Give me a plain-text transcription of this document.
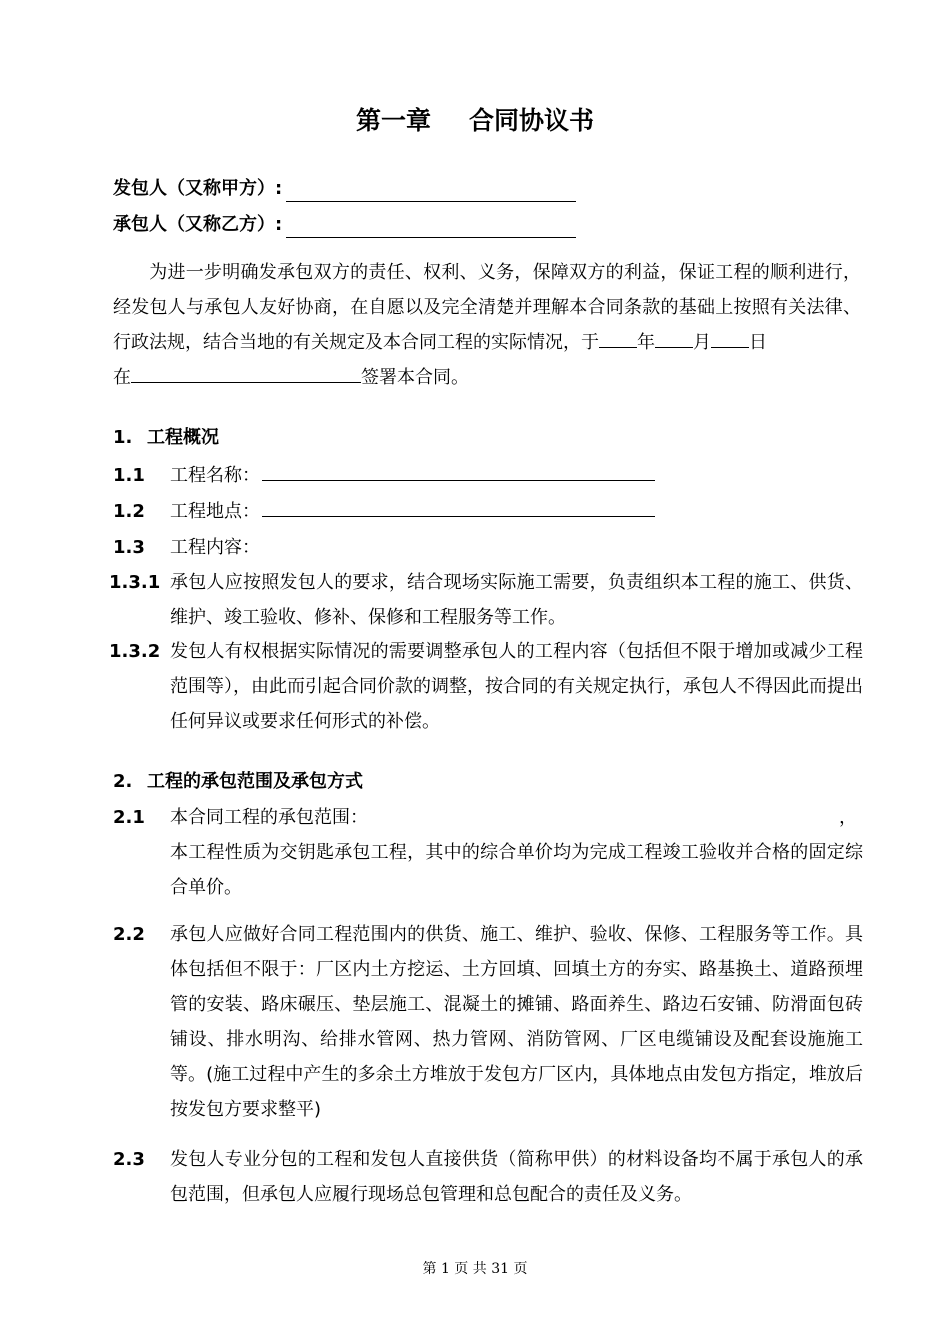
第一章 合同协议书
发包人（又称甲方）:
承包人（又称乙方）:
为进一步明确发承包双方的责任、权利、义务，保障双方的利益，保证工程的顺利进行，经发包人与承包人友好协商，在自愿以及完全清楚并理解本合同条款的基础上按照有关法律、行政法规，结合当地的有关规定及本合同工程的实际情况，于 年 月 日
在	签署本合同。
1. 工程概况
1.1 工程名称：
1.2 工程地点：
1.3 工程内容：
1.3.1 承包人应按照发包人的要求，结合现场实际施工需要，负责组织本工程的施工、供货、维护、竣工验收、修补、保修和工程服务等工作。
1.3.2 发包人有权根据实际情况的需要调整承包人的工程内容（包括但不限于增加或减少工程范围等），由此而引起合同价款的调整，按合同的有关规定执行，承包人不得因此而提出任何异议或要求任何形式的补偿。
2. 工程的承包范围及承包方式
2.1 本合同工程的承包范围：	，
本工程性质为交钥匙承包工程，其中的综合单价均为完成工程竣工验收并合格的固定综合单价。
2.2 承包人应做好合同工程范围内的供货、施工、维护、验收、保修、工程服务等工作。具体包括但不限于：厂区内土方挖运、土方回填、回填土方的夯实、路基换土、道路预埋管的安装、路床碾压、垫层施工、混凝土的摊铺、路面养生、路边石安铺、防滑面包砖铺设、排水明沟、给排水管网、热力管网、消防管网、厂区电缆铺设及配套设施施工等。(施工过程中产生的多余土方堆放于发包方厂区内，具体地点由发包方指定，堆放后按发包方要求整平)
2.3 发包人专业分包的工程和发包人直接供货（简称甲供）的材料设备均不属于承包人的承包范围，但承包人应履行现场总包管理和总包配合的责任及义务。
第 1 页 共 31 页
